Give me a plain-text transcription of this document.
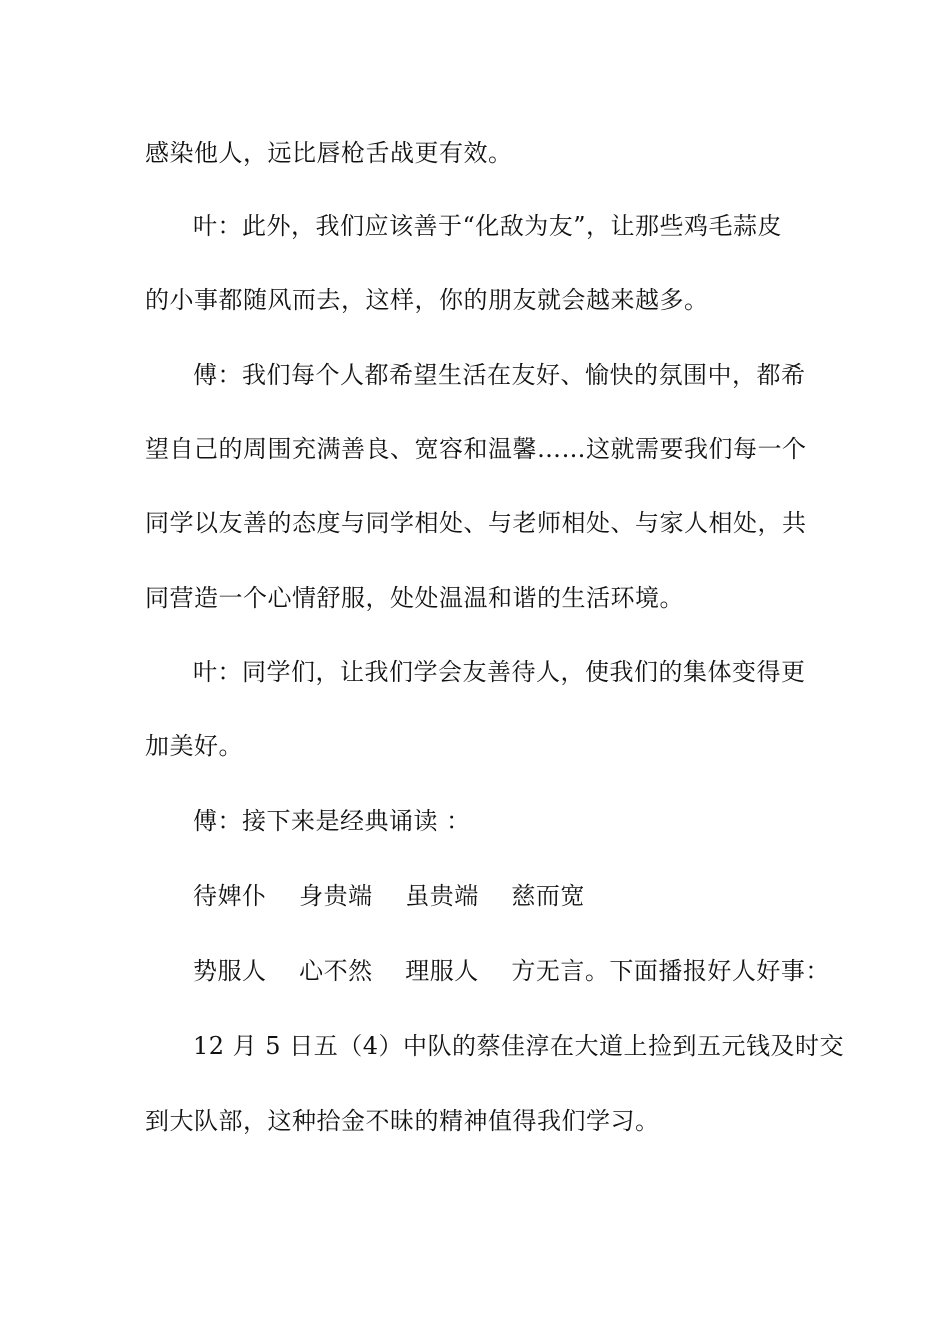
感染他人，远比唇枪舌战更有效。
叶：此外，我们应该善于“化敌为友”，让那些鸡毛蒜皮
的小事都随风而去，这样，你的朋友就会越来越多。
傅：我们每个人都希望生活在友好、愉快的氛围中，都希
望自己的周围充满善良、宽容和温馨……这就需要我们每一个
同学以友善的态度与同学相处、与老师相处、与家人相处，共
同营造一个心情舒服，处处温温和谐的生活环境。
叶：同学们，让我们学会友善待人，使我们的集体变得更
加美好。
傅：接下来是经典诵读 ：
待婢仆　 身贵端　 虽贵端　 慈而宽
势服人　 心不然　 理服人　 方无言。下面播报好人好事：
12 月 5 日五（4）中队的蔡佳淳在大道上捡到五元钱及时交
到大队部，这种拾金不昧的精神值得我们学习。
